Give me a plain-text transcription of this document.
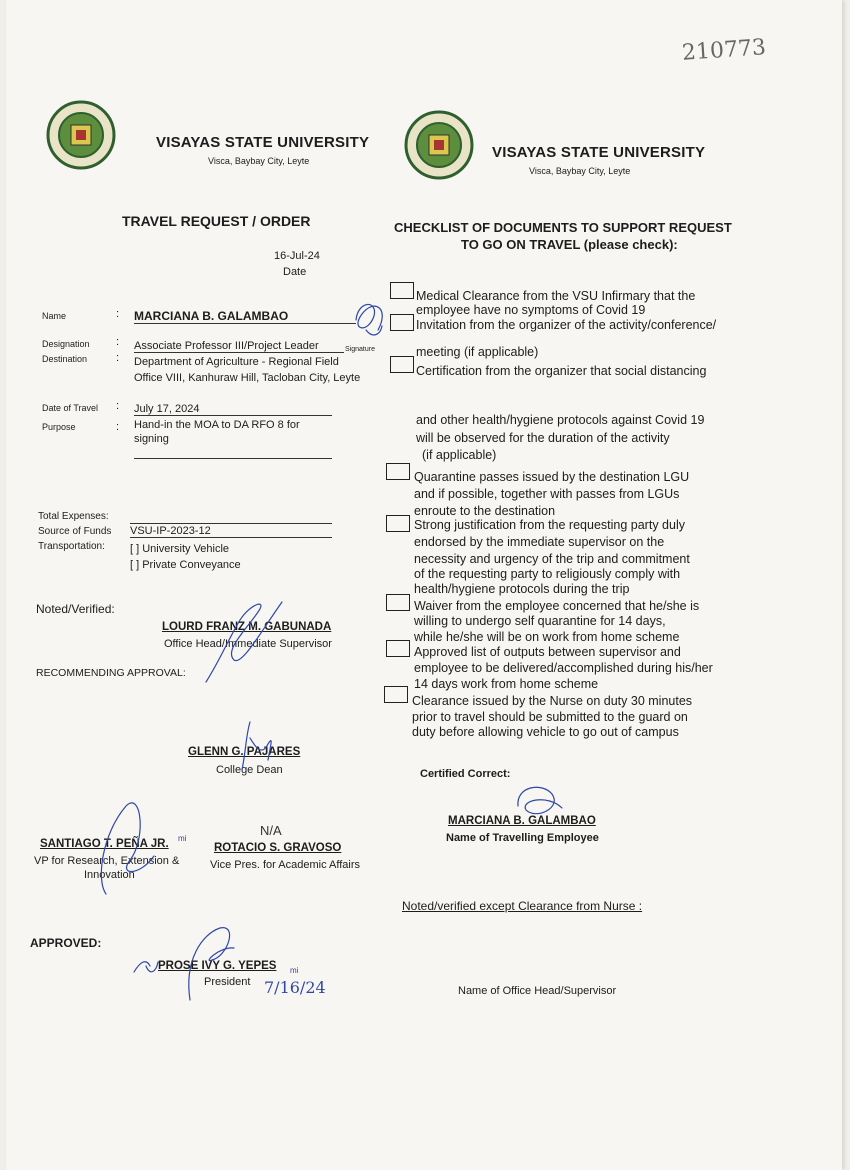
210773
VISAYAS STATE UNIVERSITY
Visca, Baybay City, Leyte	VISAYAS STATE UNIVERSITY
Visca, Baybay City, Leyte
TRAVEL REQUEST / ORDER
16-Jul-24
Date
Name	: MARCIANA B. GALAMBAO
Designation : Associate Professor III/Project Leader	Signature
Destination	: Department of Agriculture - Regional Field
Office VIII, Kanhuraw Hill, Tacloban City, Leyte
Date of Travel : July 17, 2024
Purpose	: Hand-in the MOA to DA RFO 8 for
signing
Total Expenses:
Source of Funds VSU-IP-2023-12
Transportation: [ ] University Vehicle
[ ] Private Conveyance
Noted/Verified:
LOURD FRANZ M. GABUNADA
Office Head/Immediate Supervisor
RECOMMENDING APPROVAL:
GLENN G. PAJARES
College Dean
SANTIAGO T. PEÑA JR.
VP for Research, Extension &
Innovation
N/A
ROTACIO S. GRAVOSO
Vice Pres. for Academic Affairs
APPROVED:
PROSE IVY G. YEPES
President 7/16/24
mi
mi
CHECKLIST OF DOCUMENTS TO SUPPORT REQUEST
TO GO ON TRAVEL (please check):
Medical Clearance from the VSU Infirmary that the
employee have no symptoms of Covid 19
Invitation from the organizer of the activity/conference/
meeting (if applicable)
Certification from the organizer that social distancing
and other health/hygiene protocols against Covid 19
will be observed for the duration of the activity
(if applicable)
Quarantine passes issued by the destination LGU
and if possible, together with passes from LGUs
enroute to the destination
Strong justification from the requesting party duly
endorsed by the immediate supervisor on the
necessity and urgency of the trip and commitment
of the requesting party to religiously comply with
health/hygiene protocols during the trip
Waiver from the employee concerned that he/she is
willing to undergo self quarantine for 14 days,
while he/she will be on work from home scheme
Approved list of outputs between supervisor and
employee to be delivered/accomplished during his/her
14 days work from home scheme
Clearance issued by the Nurse on duty 30 minutes
prior to travel should be submitted to the guard on
duty before allowing vehicle to go out of campus
Certified Correct:
MARCIANA B. GALAMBAO
Name of Travelling Employee
Noted/verified except Clearance from Nurse :
Name of Office Head/Supervisor
